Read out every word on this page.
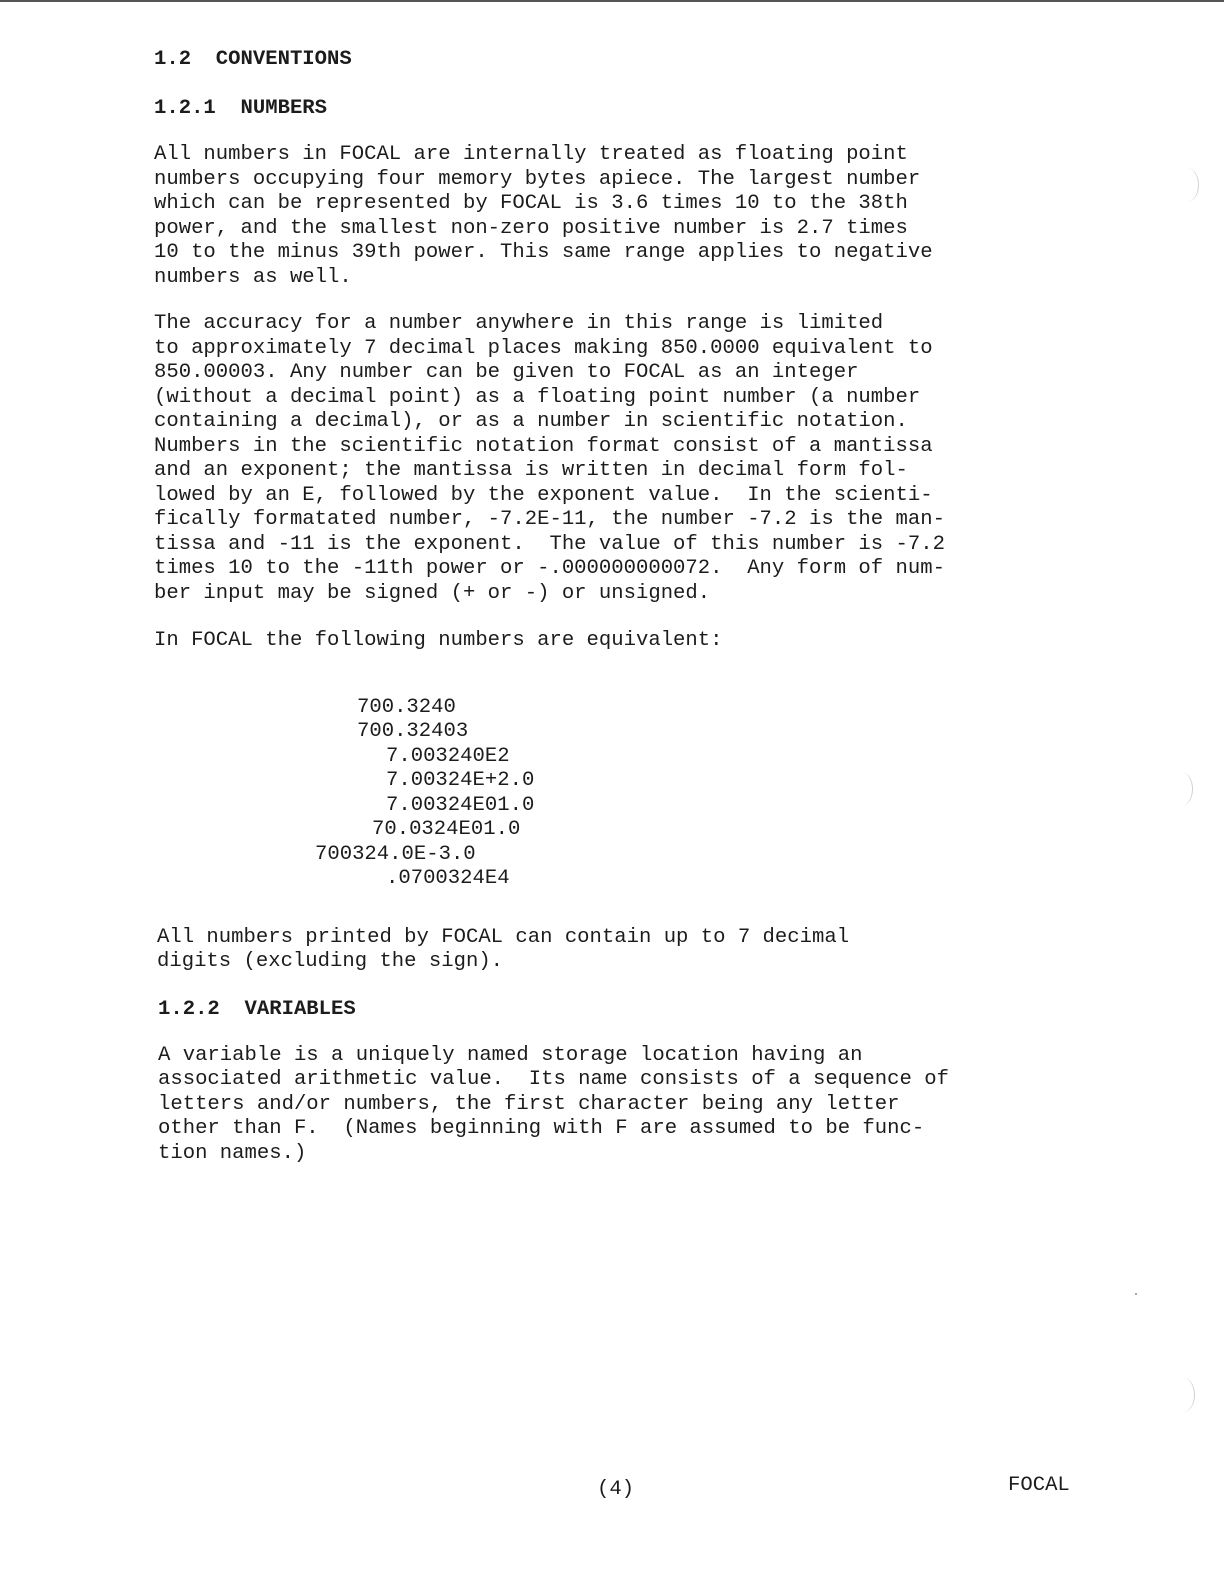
1.2 CONVENTIONS
1.2.1 NUMBERS

All numbers in FOCAL are internally treated as floating point
numbers occupying four memory bytes apiece. The largest number
which can be represented by FOCAL is 3.6 times 10 to the 38th
power, and the smallest non-zero positive number is 2.7 times
10 to the minus 39th power. This same range applies to negative
numbers as well.

The accuracy for a number anywhere in this range is limited
to approximately 7 decimal places making 850.0000 equivalent to
850.00003. Any number can be given to FOCAL as an integer
(without a decimal point) as a floating point number (a number
containing a decimal), or as a number in scientific notation.
Numbers in the scientific notation format consist of a mantissa
and an exponent; the mantissa is written in decimal form fol-
lowed by an E, followed by the exponent value.  In the scienti-
fically formatated number, -7.2E-11, the number -7.2 is the man-
tissa and -11 is the exponent.  The value of this number is -7.2
times 10 to the -11th power or -.000000000072.  Any form of num-
ber input may be signed (+ or -) or unsigned.

In FOCAL the following numbers are equivalent:

700.3240
700.32403
7.003240E2
7.00324E+2.0
7.00324E01.0
70.0324E01.0
700324.0E-3.0
.0700324E4

All numbers printed by FOCAL can contain up to 7 decimal
digits (excluding the sign).

1.2.2 VARIABLES

A variable is a uniquely named storage location having an
associated arithmetic value.  Its name consists of a sequence of
letters and/or numbers, the first character being any letter
other than F.  (Names beginning with F are assumed to be func-
tion names.)

(4)	FOCAL
